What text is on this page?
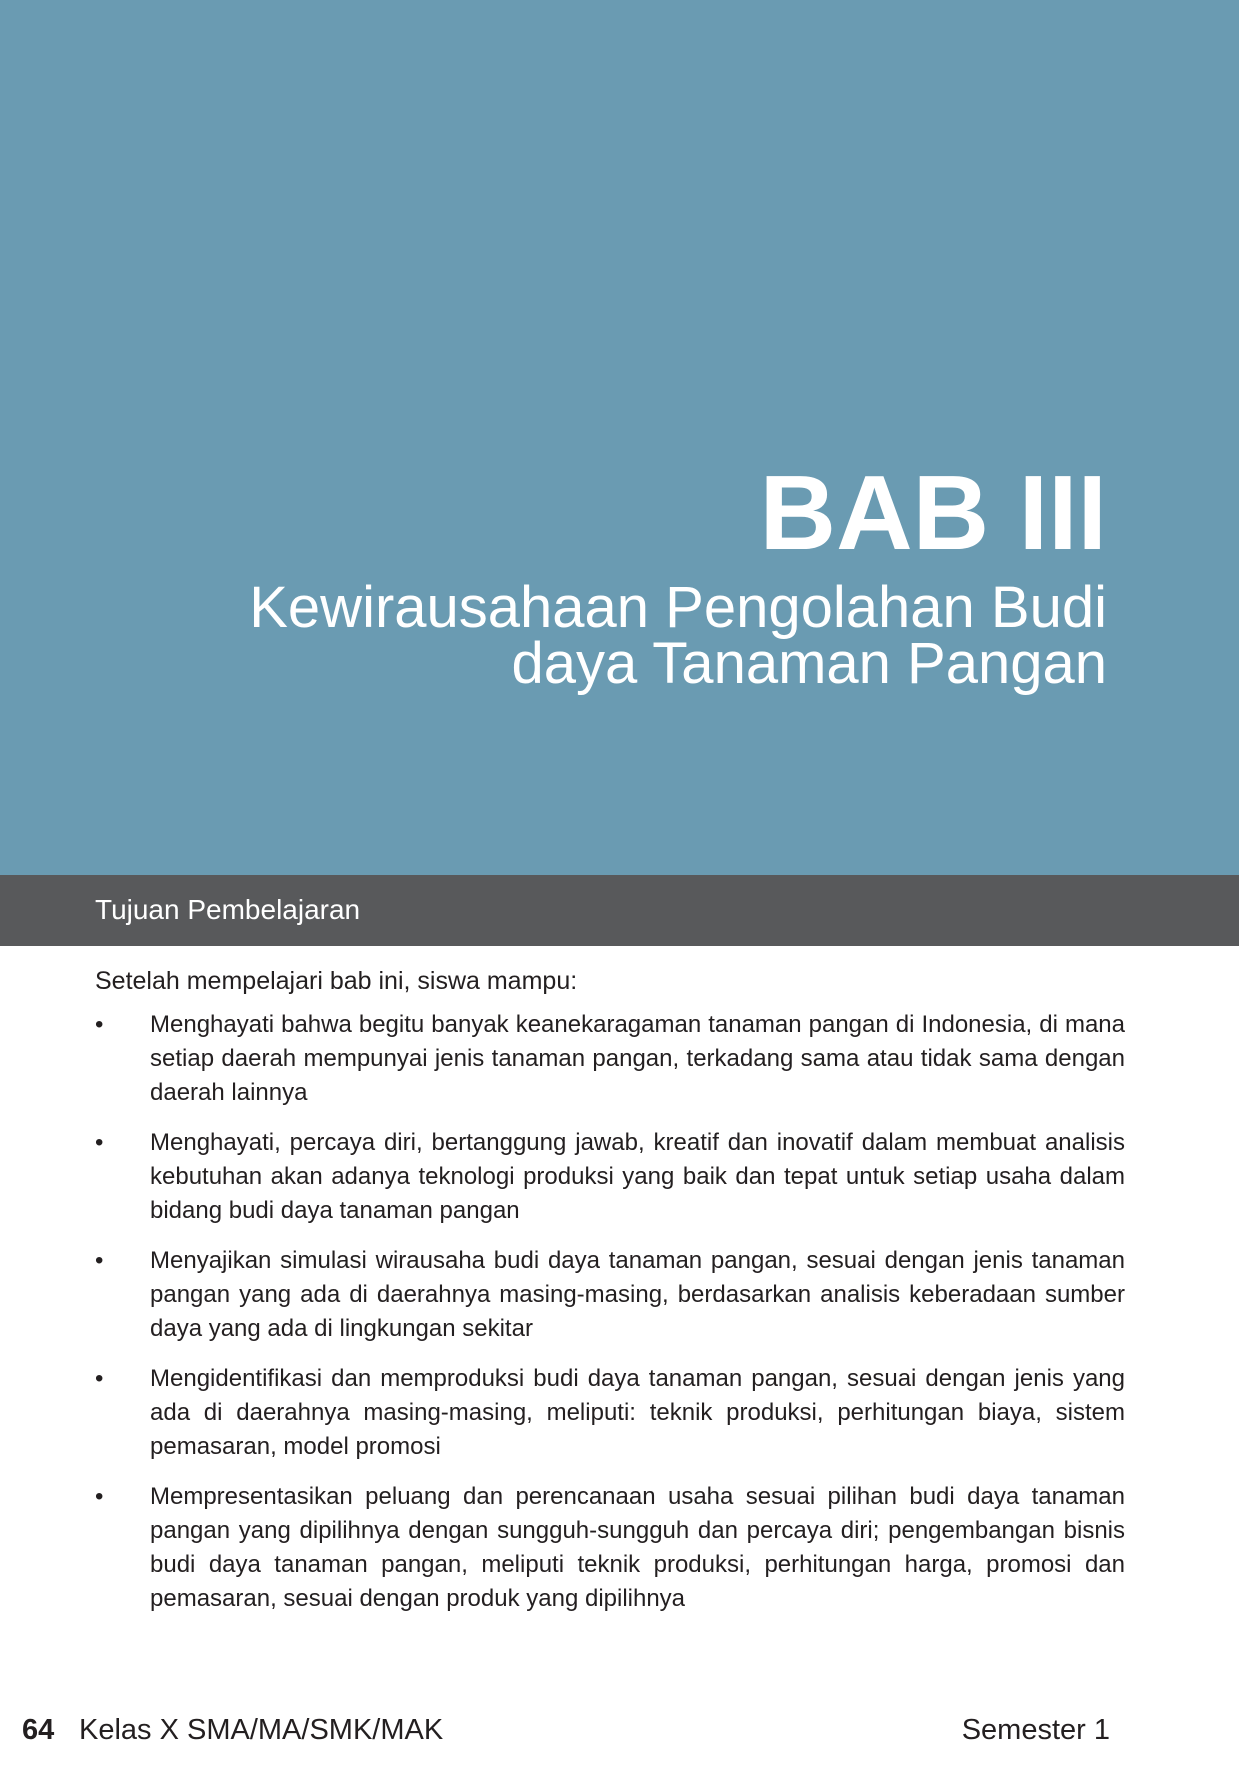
BAB III
Kewirausahaan Pengolahan Budi
daya Tanaman Pangan
Tujuan Pembelajaran

Setelah mempelajari bab ini, siswa mampu:

•	Menghayati bahwa begitu banyak keanekaragaman tanaman pangan di Indonesia, di mana setiap daerah mempunyai jenis tanaman pangan, terkadang sama atau tidak sama dengan daerah lainnya
•	Menghayati, percaya diri, bertanggung jawab, kreatif dan inovatif dalam membuat analisis kebutuhan akan adanya teknologi produksi yang baik dan tepat untuk setiap usaha dalam bidang budi daya tanaman pangan
•	Menyajikan simulasi wirausaha budi daya tanaman pangan, sesuai dengan jenis tanaman pangan yang ada di daerahnya masing-masing, berdasarkan analisis keberadaan sumber daya yang ada di lingkungan sekitar
•	Mengidentifikasi dan memproduksi budi daya tanaman pangan, sesuai dengan jenis yang ada di daerahnya masing-masing, meliputi: teknik produksi, perhitungan biaya, sistem pemasaran, model promosi
•	Mempresentasikan peluang dan perencanaan usaha sesuai pilihan budi daya tanaman pangan yang dipilihnya dengan sungguh-sungguh dan percaya diri; pengembangan bisnis budi daya tanaman pangan, meliputi teknik produksi, perhitungan harga, promosi dan pemasaran, sesuai dengan produk yang dipilihnya
64 Kelas X SMA/MA/SMK/MAK	Semester 1
